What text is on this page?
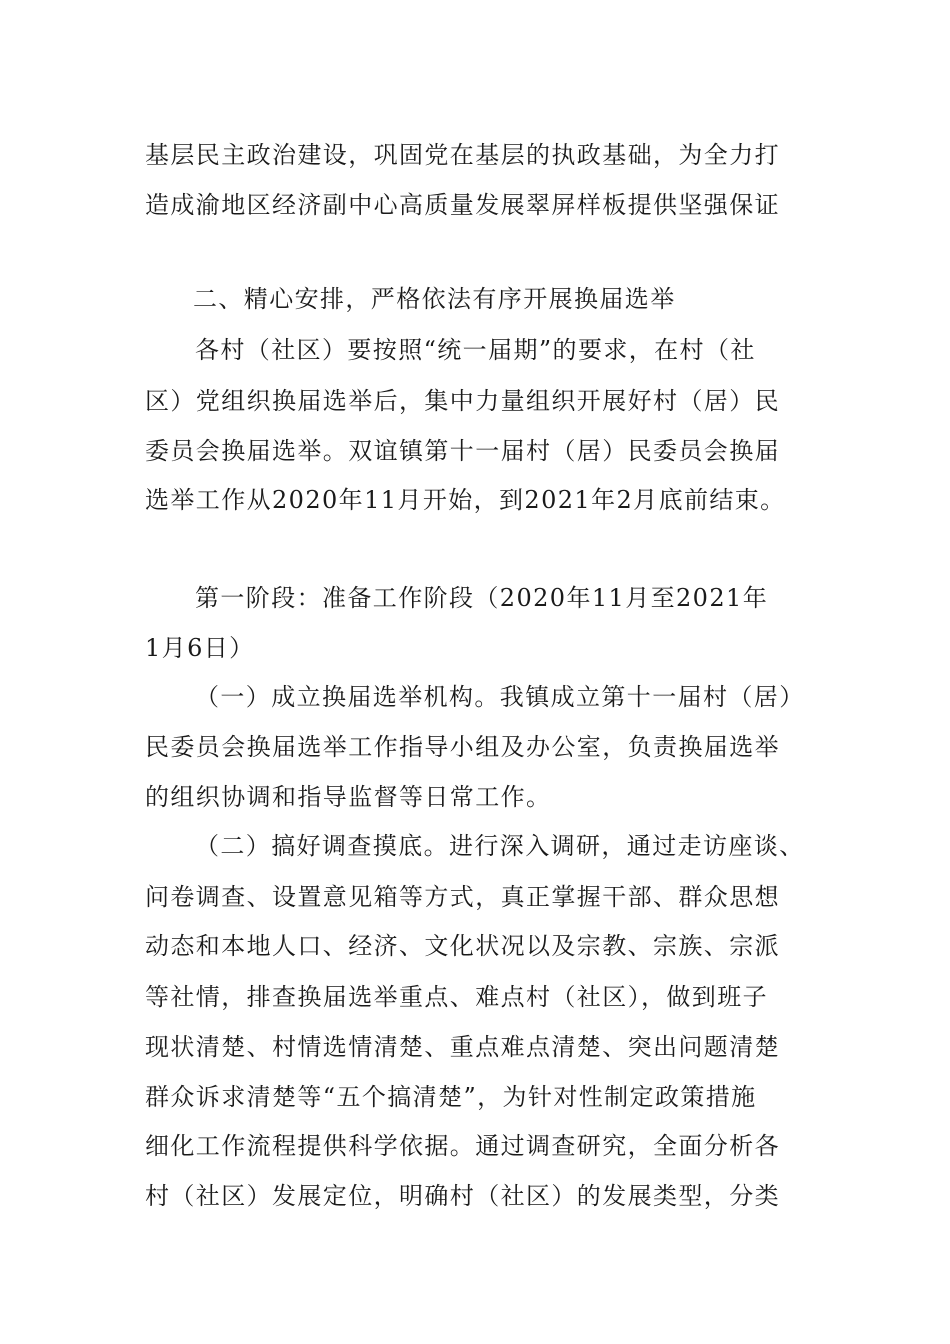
基层民主政治建设，巩固党在基层的执政基础，为全力打
造成渝地区经济副中心高质量发展翠屏样板提供坚强保证
二、精心安排，严格依法有序开展换届选举
各村（社区）要按照“统一届期”的要求，在村（社
区）党组织换届选举后，集中力量组织开展好村（居）民
委员会换届选举。双谊镇第十一届村（居）民委员会换届
选举工作从2020年11月开始，到2021年2月底前结束。
第一阶段：准备工作阶段（2020年11月至2021年
1月6日）
（一）成立换届选举机构。我镇成立第十一届村（居）
民委员会换届选举工作指导小组及办公室，负责换届选举
的组织协调和指导监督等日常工作。
（二）搞好调查摸底。进行深入调研，通过走访座谈、
问卷调查、设置意见箱等方式，真正掌握干部、群众思想
动态和本地人口、经济、文化状况以及宗教、宗族、宗派
等社情，排查换届选举重点、难点村（社区），做到班子
现状清楚、村情选情清楚、重点难点清楚、突出问题清楚
群众诉求清楚等“五个搞清楚”，为针对性制定政策措施
细化工作流程提供科学依据。通过调查研究，全面分析各
村（社区）发展定位，明确村（社区）的发展类型，分类
